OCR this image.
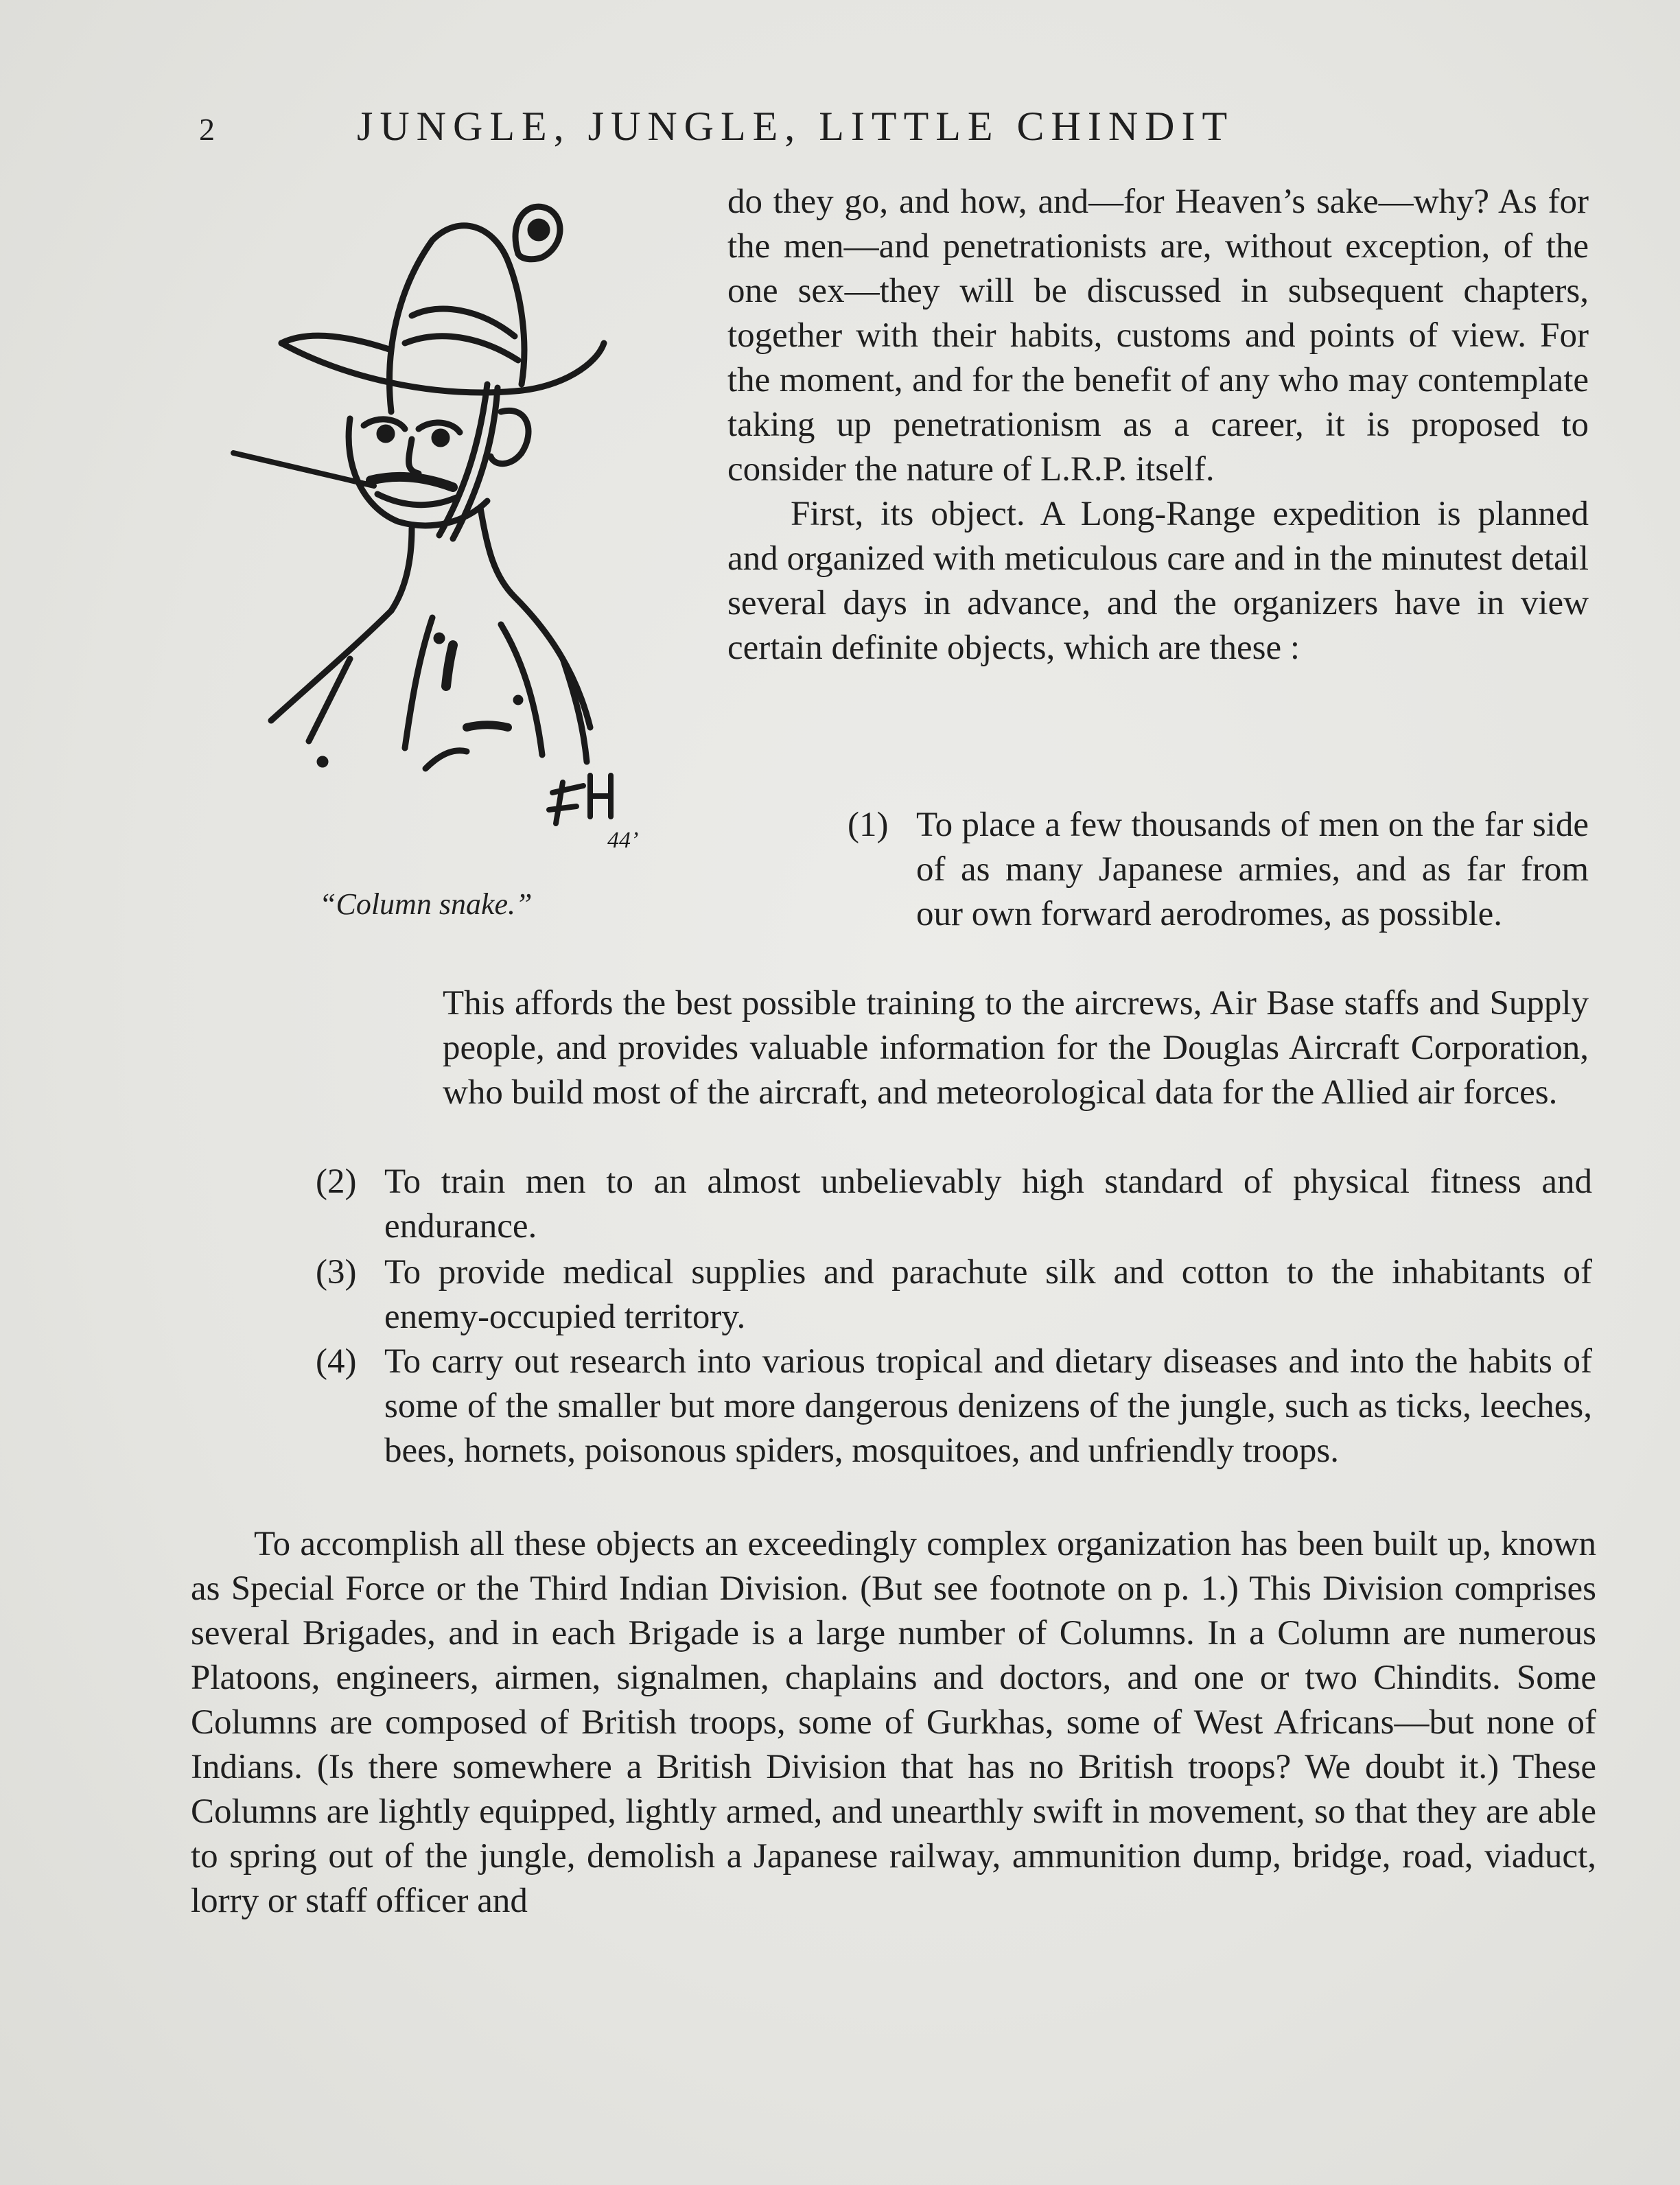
2	JUNGLE, JUNGLE, LITTLE CHINDIT
44’
“Column snake.”

do they go, and how, and—for Heaven’s sake—why? As for the men—and penetrationists are, without exception, of the one sex—they will be discussed in subsequent chapters, together with their habits, customs and points of view. For the moment, and for the benefit of any who may contemplate taking up penetrationism as a career, it is proposed to consider the nature of L.R.P. itself.

First, its object. A Long-Range expedition is planned and organized with meticulous care and in the minutest detail several days in advance, and the organizers have in view certain definite objects, which are these :

(1) To place a few thousands of men on the far side of as many Japanese armies, and as far from our own forward aerodromes, as possible.
This affords the best possible training to the aircrews, Air Base staffs and Supply people, and provides valuable information for the Douglas Aircraft Corporation, who build most of the aircraft, and meteorological data for the Allied air forces.
(2) To train men to an almost unbelievably high standard of physical fitness and endurance.
(3) To provide medical supplies and parachute silk and cotton to the inhabitants of enemy-occupied territory.
(4) To carry out research into various tropical and dietary diseases and into the habits of some of the smaller but more dangerous denizens of the jungle, such as ticks, leeches, bees, hornets, poisonous spiders, mosquitoes, and unfriendly troops.

To accomplish all these objects an exceedingly complex organization has been built up, known as Special Force or the Third Indian Division. (But see footnote on p. 1.) This Division comprises several Brigades, and in each Brigade is a large number of Columns. In a Column are numerous Platoons, engineers, airmen, signalmen, chaplains and doctors, and one or two Chindits. Some Columns are composed of British troops, some of Gurkhas, some of West Africans—but none of Indians. (Is there somewhere a British Division that has no British troops? We doubt it.) These Columns are lightly equipped, lightly armed, and unearthly swift in movement, so that they are able to spring out of the jungle, demolish a Japanese railway, ammunition dump, bridge, road, viaduct, lorry or staff officer and
